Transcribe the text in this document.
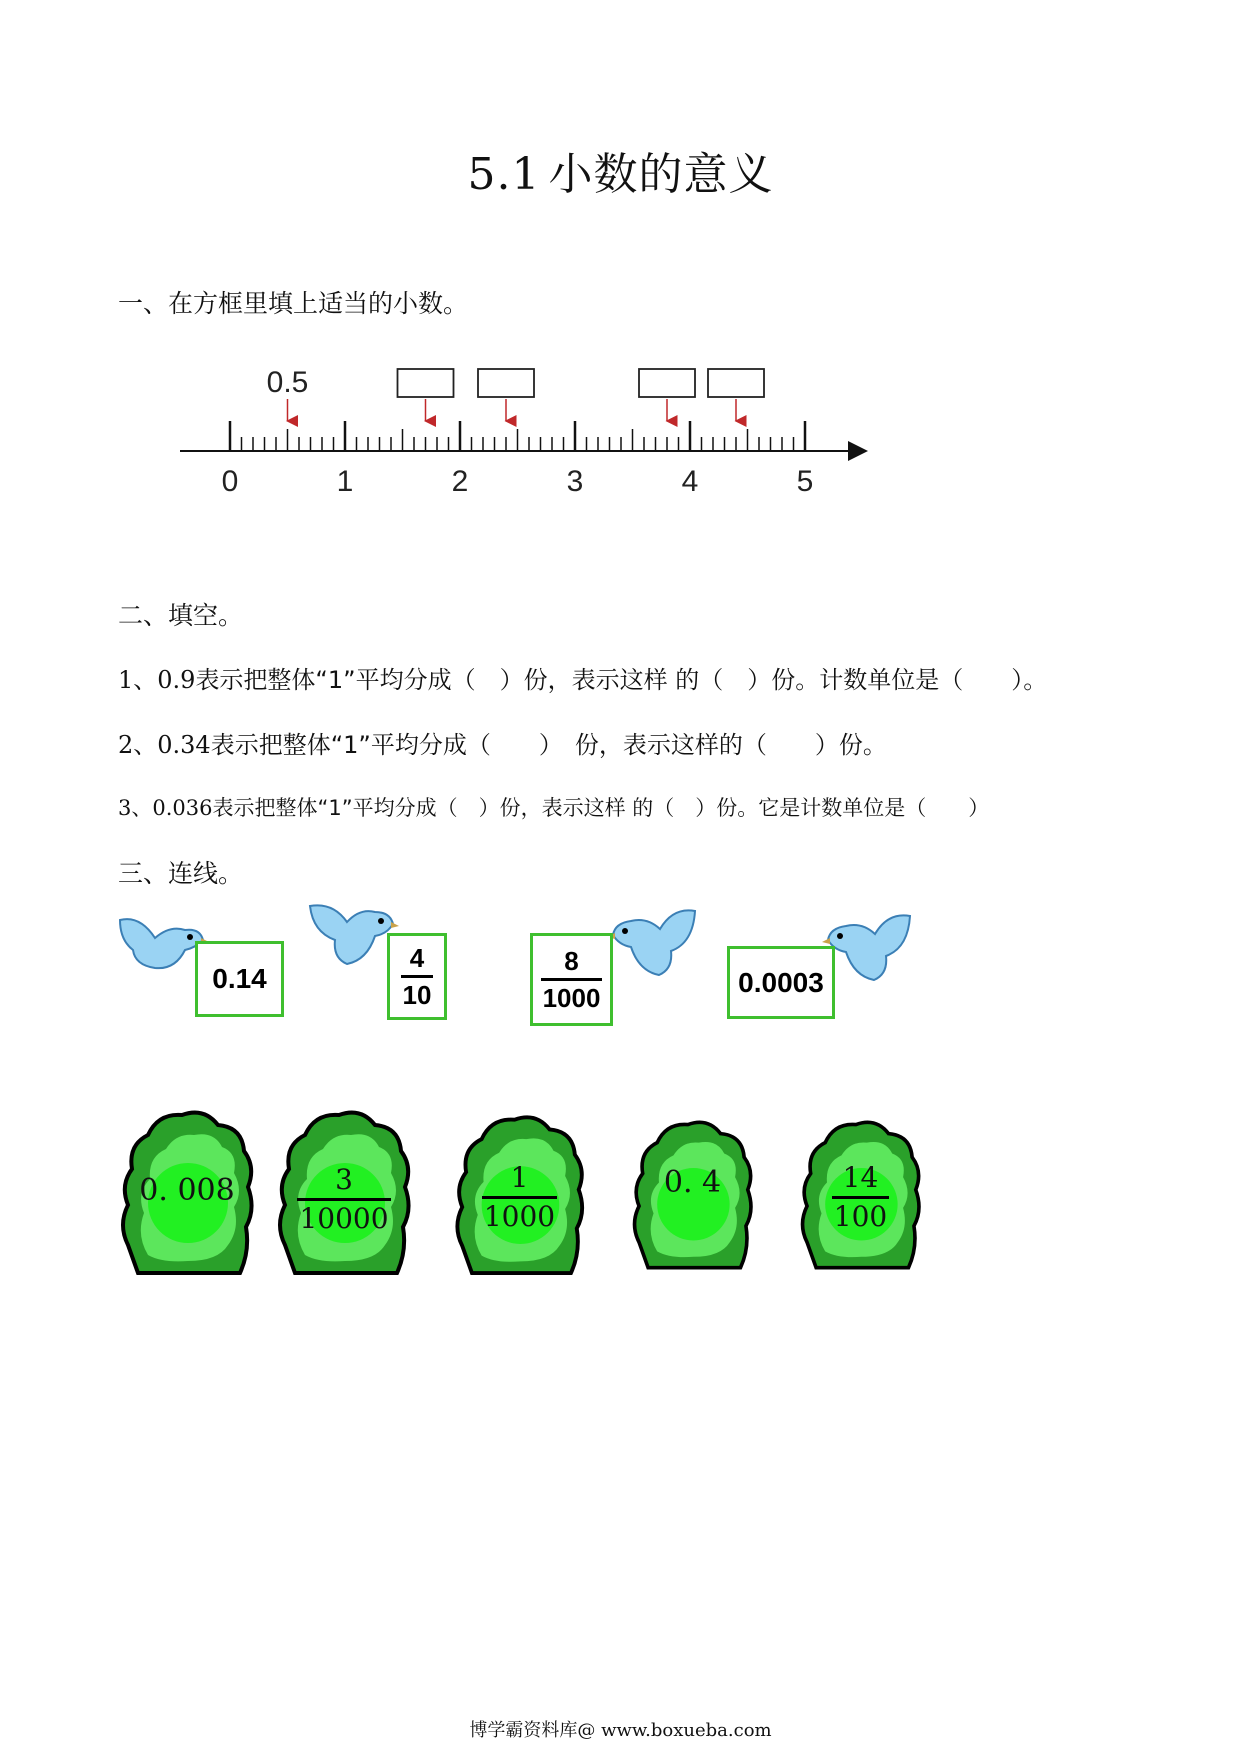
5.1 小数的意义
一、在方框里填上适当的小数。
0	1	2	3	4	5
0.5
二、填空。
1、0.9表示把整体“1”平均分成（　）份，表示这样 的（　）份。计数单位是（　　）。
2、0.34表示把整体“1”平均分成（　　）　份，表示这样的（　　）份。
3、0.036表示把整体“1”平均分成（　）份，表示这样 的（　）份。它是计数单位是（　　）
三、连线。
0.14	$\frac{4}{10}$	$\frac{8}{1000}$	0.0003
0. $008 \frac{3}{10000}$	$\frac{1}{1000}$	0. 4	$\frac{14}{100}$
博学霸资料库@ www.boxueba.com
